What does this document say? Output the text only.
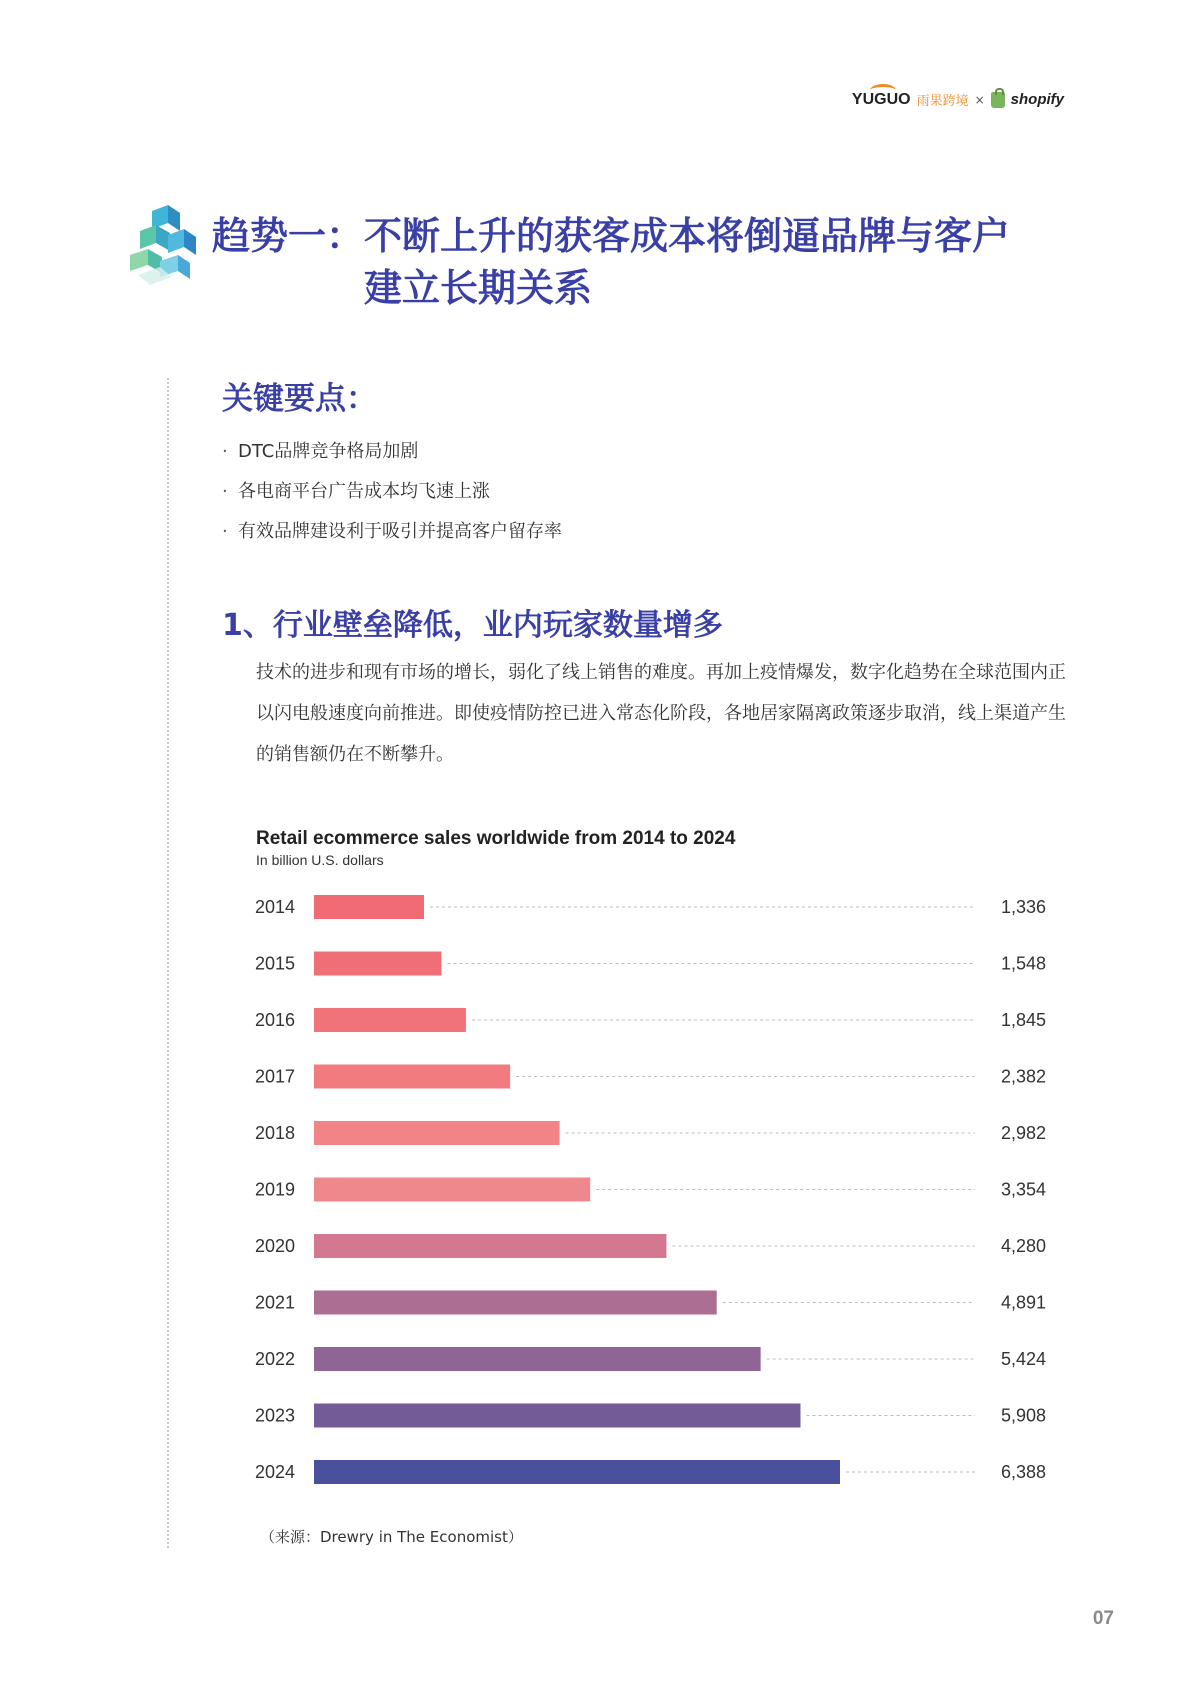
YUGUO 雨果跨境 × shopify
趋势一：不断上升的获客成本将倒逼品牌与客户
建立长期关系
关键要点：
· DTC品牌竞争格局加剧
· 各电商平台广告成本均飞速上涨
· 有效品牌建设利于吸引并提高客户留存率
1、行业壁垒降低，业内玩家数量增多
技术的进步和现有市场的增长，弱化了线上销售的难度。再加上疫情爆发，数字化趋势在全球范围内正以闪电般速度向前推进。即使疫情防控已进入常态化阶段，各地居家隔离政策逐步取消，线上渠道产生的销售额仍在不断攀升。
Retail ecommerce sales worldwide from 2014 to 2024
In billion U.S. dollars
2014	1,336
2015	1,548
2016	1,845
2017	2,382
2018	2,982
2019	3,354
2020	4,280
2021	4,891
2022	5,424
2023	5,908
2024	6,388
（来源：Drewry in The Economist）
07
